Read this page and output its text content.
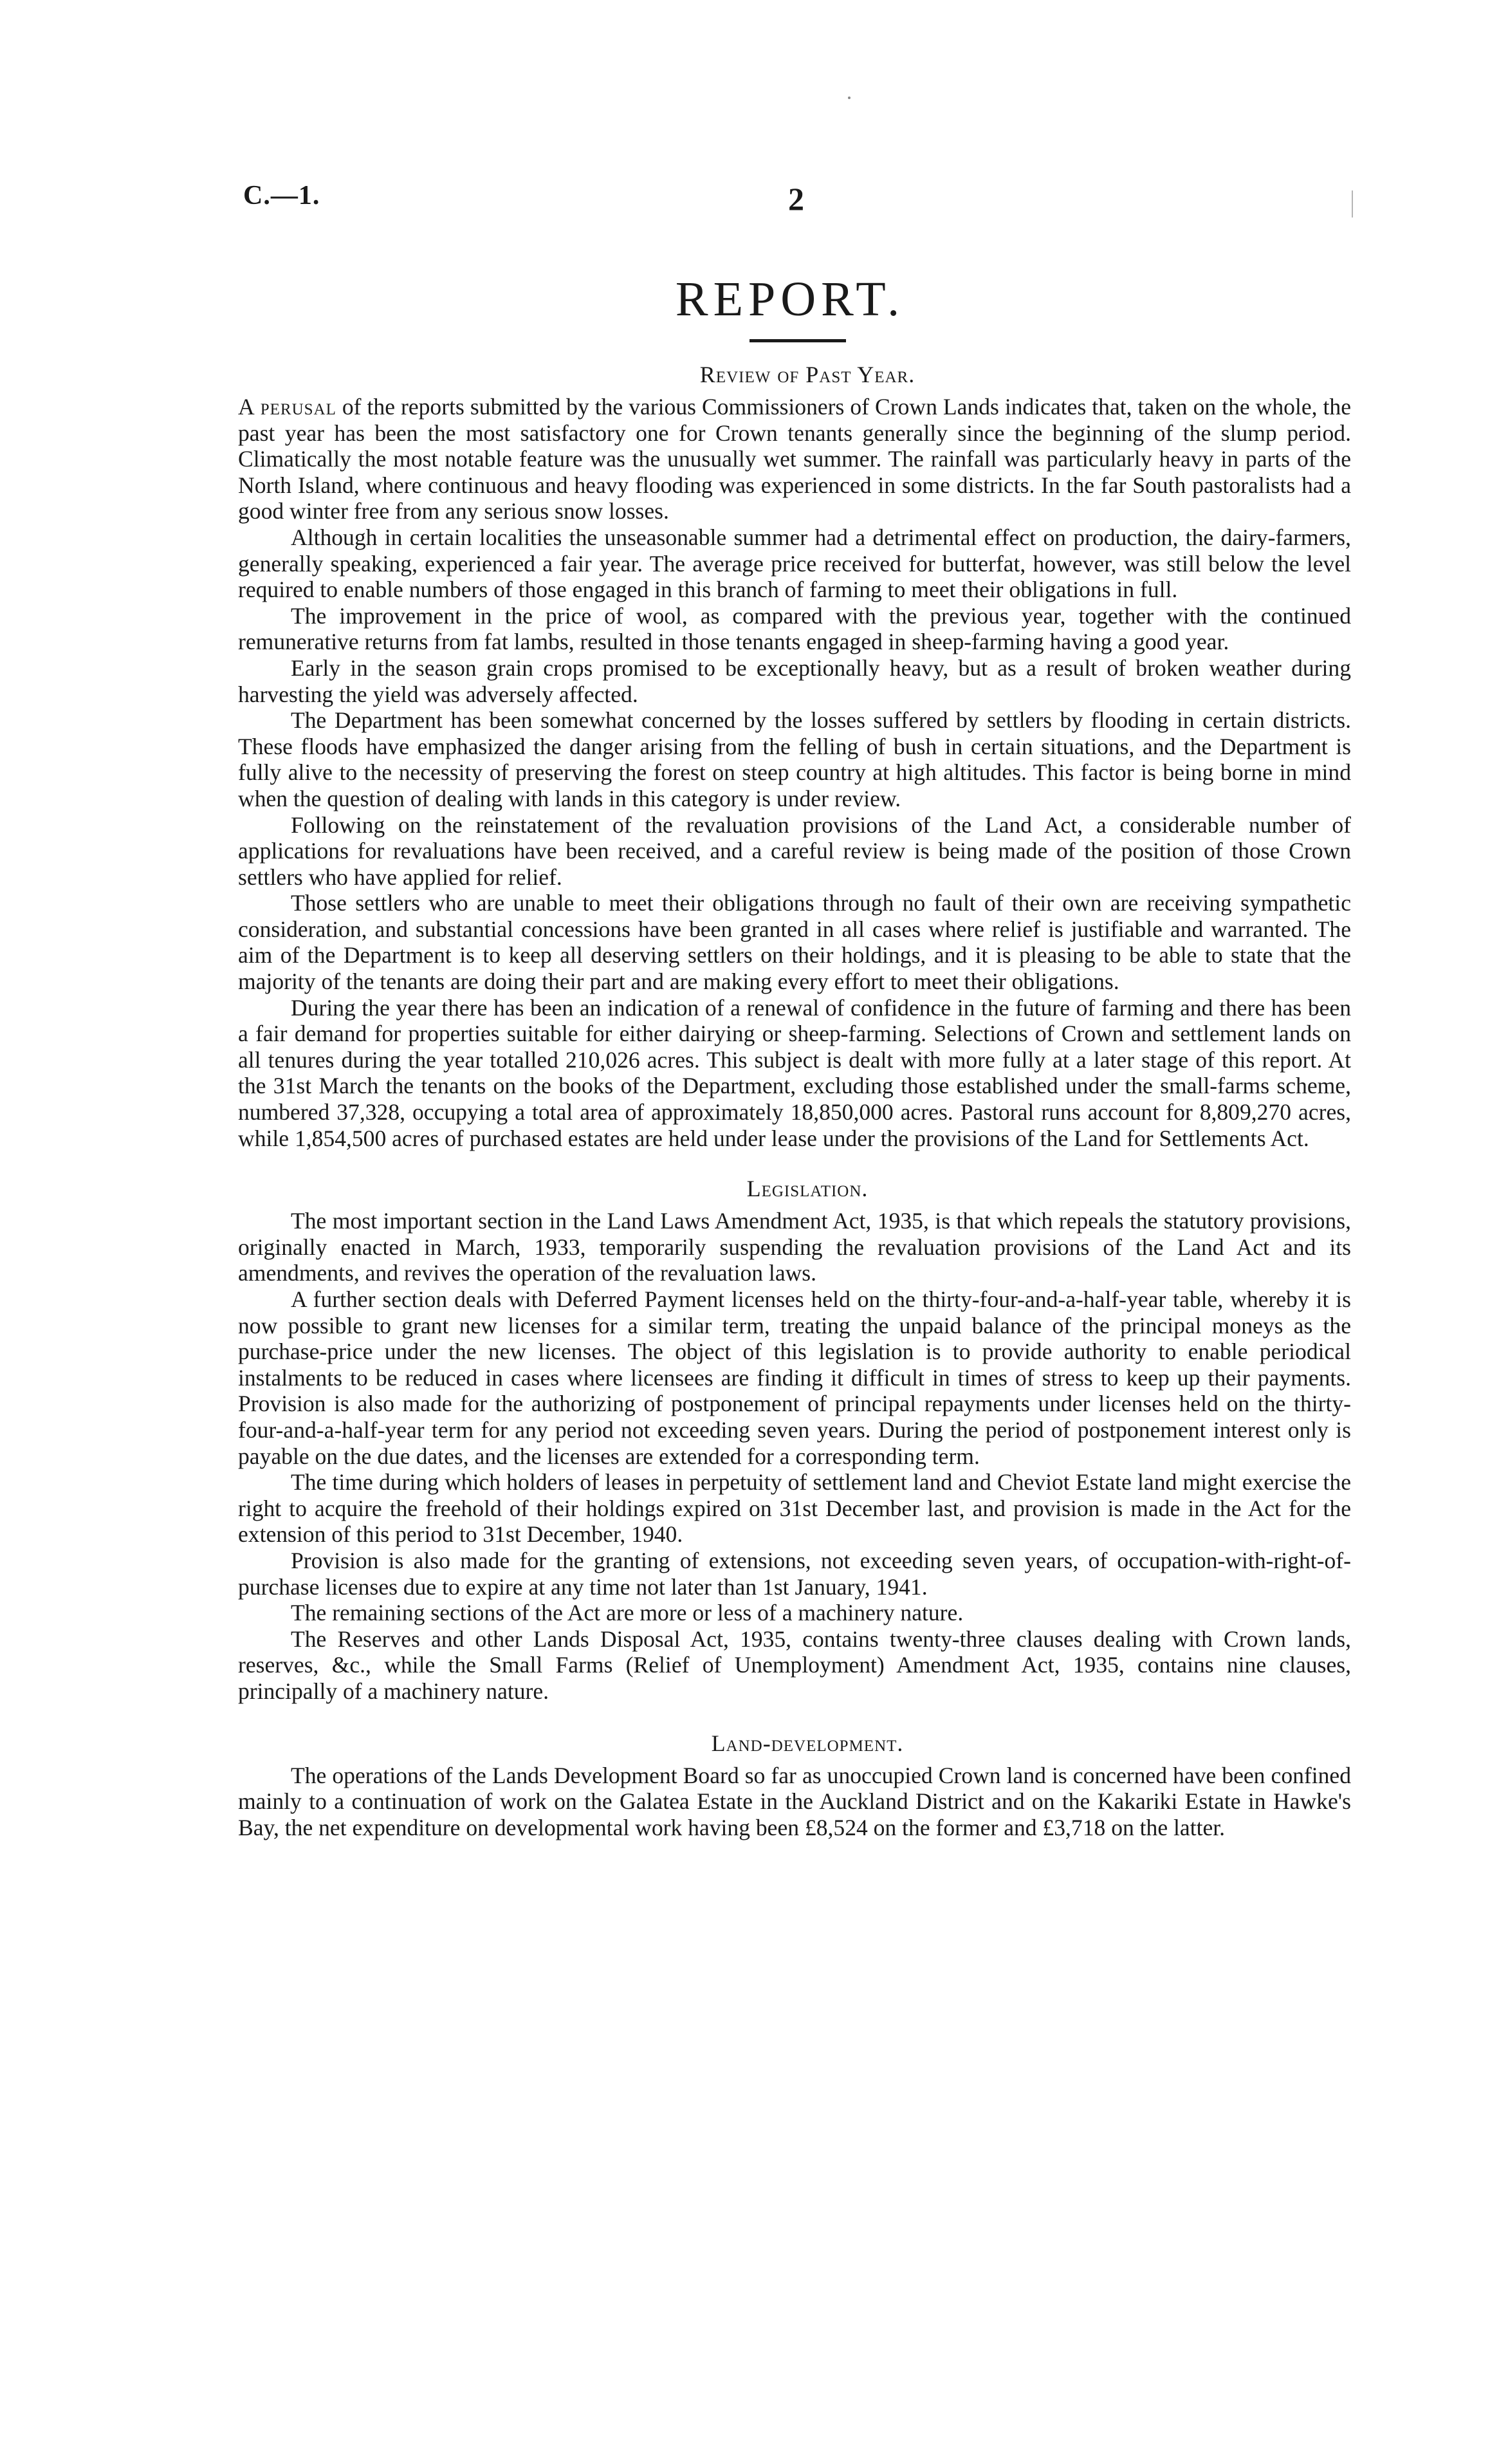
C.—1.	2
REPORT.
Review of Past Year.

A perusal of the reports submitted by the various Commissioners of Crown Lands indicates that, taken on the whole, the past year has been the most satisfactory one for Crown tenants generally since the beginning of the slump period. Climatically the most notable feature was the unusually wet summer. The rainfall was particularly heavy in parts of the North Island, where continuous and heavy flooding was experienced in some districts. In the far South pastoralists had a good winter free from any serious snow losses.

Although in certain localities the unseasonable summer had a detrimental effect on production, the dairy-farmers, generally speaking, experienced a fair year. The average price received for butterfat, however, was still below the level required to enable numbers of those engaged in this branch of farming to meet their obligations in full.

The improvement in the price of wool, as compared with the previous year, together with the continued remunerative returns from fat lambs, resulted in those tenants engaged in sheep-farming having a good year.

Early in the season grain crops promised to be exceptionally heavy, but as a result of broken weather during harvesting the yield was adversely affected.

The Department has been somewhat concerned by the losses suffered by settlers by flooding in certain districts. These floods have emphasized the danger arising from the felling of bush in certain situations, and the Department is fully alive to the necessity of preserving the forest on steep country at high altitudes. This factor is being borne in mind when the question of dealing with lands in this category is under review.

Following on the reinstatement of the revaluation provisions of the Land Act, a considerable number of applications for revaluations have been received, and a careful review is being made of the position of those Crown settlers who have applied for relief.

Those settlers who are unable to meet their obligations through no fault of their own are receiving sympathetic consideration, and substantial concessions have been granted in all cases where relief is justifiable and warranted. The aim of the Department is to keep all deserving settlers on their holdings, and it is pleasing to be able to state that the majority of the tenants are doing their part and are making every effort to meet their obligations.

During the year there has been an indication of a renewal of confidence in the future of farming and there has been a fair demand for properties suitable for either dairying or sheep-farming. Selections of Crown and settlement lands on all tenures during the year totalled 210,026 acres. This subject is dealt with more fully at a later stage of this report. At the 31st March the tenants on the books of the Department, excluding those established under the small-farms scheme, numbered 37,328, occupying a total area of approximately 18,850,000 acres. Pastoral runs account for 8,809,270 acres, while 1,854,500 acres of purchased estates are held under lease under the provisions of the Land for Settlements Act.

Legislation.

The most important section in the Land Laws Amendment Act, 1935, is that which repeals the statutory provisions, originally enacted in March, 1933, temporarily suspending the revaluation provisions of the Land Act and its amendments, and revives the operation of the revaluation laws.

A further section deals with Deferred Payment licenses held on the thirty-four-and-a-half-year table, whereby it is now possible to grant new licenses for a similar term, treating the unpaid balance of the principal moneys as the purchase-price under the new licenses. The object of this legislation is to provide authority to enable periodical instalments to be reduced in cases where licensees are finding it difficult in times of stress to keep up their payments. Provision is also made for the authorizing of postponement of principal repayments under licenses held on the thirty-four-and-a-half-year term for any period not exceeding seven years. During the period of postponement interest only is payable on the due dates, and the licenses are extended for a corresponding term.

The time during which holders of leases in perpetuity of settlement land and Cheviot Estate land might exercise the right to acquire the freehold of their holdings expired on 31st December last, and provision is made in the Act for the extension of this period to 31st December, 1940.

Provision is also made for the granting of extensions, not exceeding seven years, of occupation-with-right-of-purchase licenses due to expire at any time not later than 1st January, 1941.

The remaining sections of the Act are more or less of a machinery nature.

The Reserves and other Lands Disposal Act, 1935, contains twenty-three clauses dealing with Crown lands, reserves, &c., while the Small Farms (Relief of Unemployment) Amendment Act, 1935, contains nine clauses, principally of a machinery nature.

Land-development.

The operations of the Lands Development Board so far as unoccupied Crown land is concerned have been confined mainly to a continuation of work on the Galatea Estate in the Auckland District and on the Kakariki Estate in Hawke's Bay, the net expenditure on developmental work having been £8,524 on the former and £3,718 on the latter.
